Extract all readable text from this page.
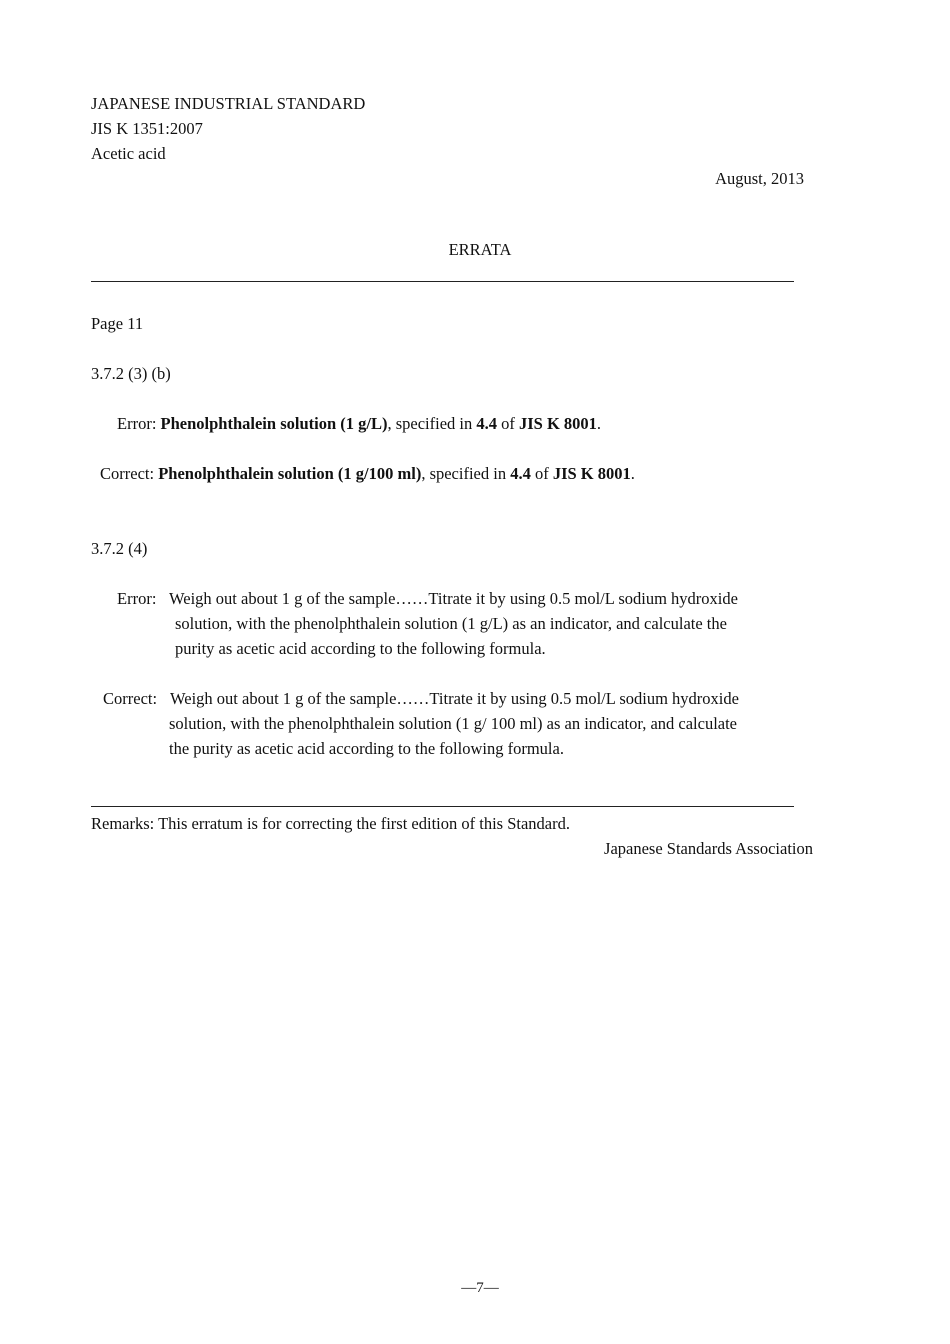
JAPANESE INDUSTRIAL STANDARD
JIS K 1351:2007
Acetic acid
August, 2013
ERRATA
Page 11
3.7.2 (3) (b)
Error: Phenolphthalein solution (1 g/L), specified in 4.4 of JIS K 8001.
Correct: Phenolphthalein solution (1 g/100 ml), specified in 4.4 of JIS K 8001.
3.7.2 (4)
Error: Weigh out about 1 g of the sample……Titrate it by using 0.5 mol/L sodium hydroxide
solution, with the phenolphthalein solution (1 g/L) as an indicator, and calculate the
purity as acetic acid according to the following formula.
Correct: Weigh out about 1 g of the sample……Titrate it by using 0.5 mol/L sodium hydroxide
solution, with the phenolphthalein solution (1 g/ 100 ml) as an indicator, and calculate
the purity as acetic acid according to the following formula.
Remarks: This erratum is for correcting the first edition of this Standard.
Japanese Standards Association
—7—
